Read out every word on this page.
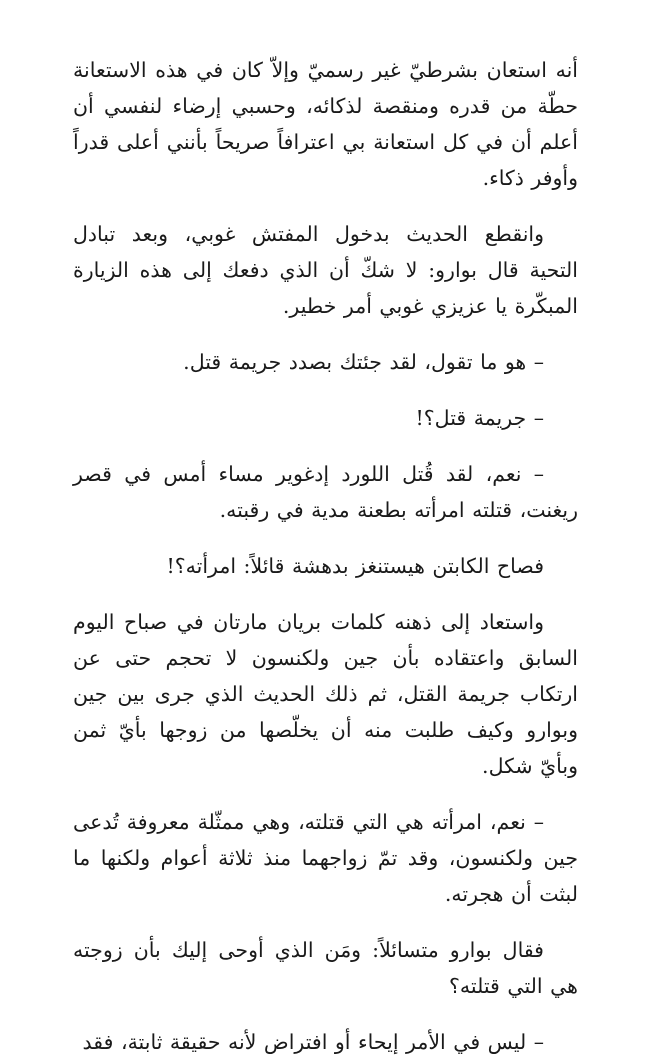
أنه استعان بشرطيّ غير رسميّ وإلاّ كان في هذه الاستعانة حطّة من قدره ومنقصة لذكائه، وحسبي إرضاء لنفسي أن أعلم أن في كل استعانة بي اعترافاً صريحاً بأنني أعلى قدراً وأوفر ذكاء.

وانقطع الحديث بدخول المفتش غوبي، وبعد تبادل التحية قال بوارو: لا شكّ أن الذي دفعك إلى هذه الزيارة المبكّرة يا عزيزي غوبي أمر خطير.

– هو ما تقول، لقد جئتك بصدد جريمة قتل.

– جريمة قتل؟!

– نعم، لقد قُتل اللورد إدغوير مساء أمس في قصر ريغنت، قتلته امرأته بطعنة مدية في رقبته.

فصاح الكابتن هيستنغز بدهشة قائلاً: امرأته؟!

واستعاد إلى ذهنه كلمات بريان مارتان في صباح اليوم السابق واعتقاده بأن جين ولكنسون لا تحجم حتى عن ارتكاب جريمة القتل، ثم ذلك الحديث الذي جرى بين جين وبوارو وكيف طلبت منه أن يخلّصها من زوجها بأيّ ثمن وبأيّ شكل.

– نعم، امرأته هي التي قتلته، وهي ممثّلة معروفة تُدعى جين ولكنسون، وقد تمّ زواجهما منذ ثلاثة أعوام ولكنها ما لبثت أن هجرته.

فقال بوارو متسائلاً: ومَن الذي أوحى إليك بأن زوجته هي التي قتلته؟

– ليس في الأمر إيحاء أو افتراض لأنه حقيقة ثابتة، فقد
